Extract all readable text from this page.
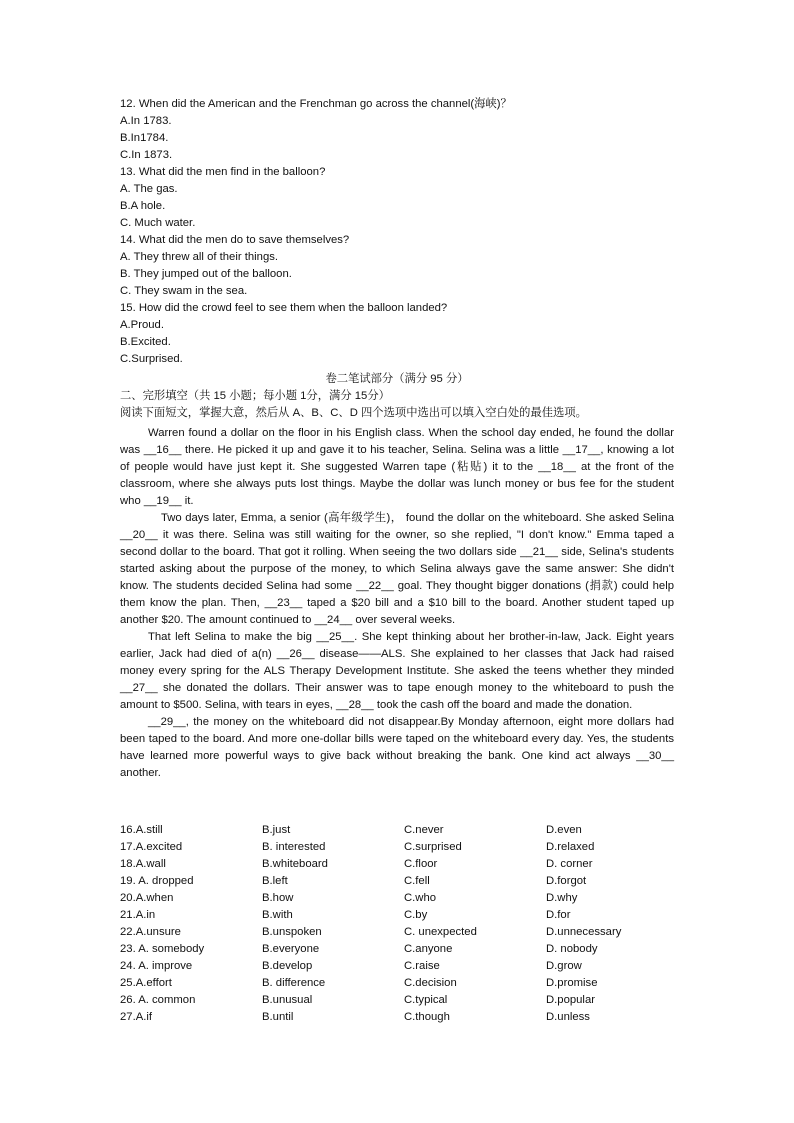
12. When did the American and the Frenchman go across the channel(海峡)？
A.In 1783.
B.In1784.
C.In 1873.
13. What did the men find in the balloon?
A. The gas.
B.A hole.
C. Much water.
14. What did the men do to save themselves?
A. They threw all of their things.
B. They jumped out of the balloon.
C. They swam in the sea.
15. How did the crowd feel to see them when the balloon landed?
A.Proud.
B.Excited.
C.Surprised.
卷二笔试部分（满分 95 分）
二、完形填空（共 15 小题；每小题 1分，满分 15分）
阅读下面短文，掌握大意，然后从 A、B、C、D 四个选项中选出可以填入空白处的最佳选项。

Warren found a dollar on the floor in his English class. When the school day ended, he found the dollar was __16__ there. He picked it up and gave it to his teacher, Selina. Selina was a little __17__, knowing a lot of people would have just kept it. She suggested Warren tape (粘贴) it to the __18__ at the front of the classroom, where she always puts lost things. Maybe the dollar was lunch money or bus fee for the student who __19__ it.

Two days later, Emma, a senior (高年级学生)， found the dollar on the whiteboard. She asked Selina __20__ it was there. Selina was still waiting for the owner, so she replied, "I don't know." Emma taped a second dollar to the board. That got it rolling. When seeing the two dollars side __21__ side, Selina's students started asking about the purpose of the money, to which Selina always gave the same answer: She didn't know. The students decided Selina had some __22__ goal. They thought bigger donations (捐款) could help them know the plan. Then, __23__ taped a $20 bill and a $10 bill to the board. Another student taped up another $20. The amount continued to __24__ over several weeks.

That left Selina to make the big __25__. She kept thinking about her brother-in-law, Jack. Eight years earlier, Jack had died of a(n) __26__ disease——ALS. She explained to her classes that Jack had raised money every spring for the ALS Therapy Development Institute. She asked the teens whether they minded __27__ she donated the dollars. Their answer was to tape enough money to the whiteboard to push the amount to $500. Selina, with tears in eyes, __28__ took the cash off the board and made the donation.

__29__, the money on the whiteboard did not disappear.By Monday afternoon, eight more dollars had been taped to the board. And more one-dollar bills were taped on the whiteboard every day. Yes, the students have learned more powerful ways to give back without breaking the bank. One kind act always __30__ another.

16.A.still	B.just	C.never	D.even
17.A.excited	B. interested	C.surprised	D.relaxed
18.A.wall	B.whiteboard	C.floor	D. corner
19. A. dropped	B.left	C.fell	D.forgot
20.A.when	B.how	C.who	D.why
21.A.in	B.with	C.by	D.for
22.A.unsure	B.unspoken	C. unexpected	D.unnecessary
23. A. somebody	B.everyone	C.anyone	D. nobody
24. A. improve	B.develop	C.raise	D.grow
25.A.effort	B. difference	C.decision	D.promise
26. A. common	B.unusual	C.typical	D.popular
27.A.if	B.until	C.though	D.unless
